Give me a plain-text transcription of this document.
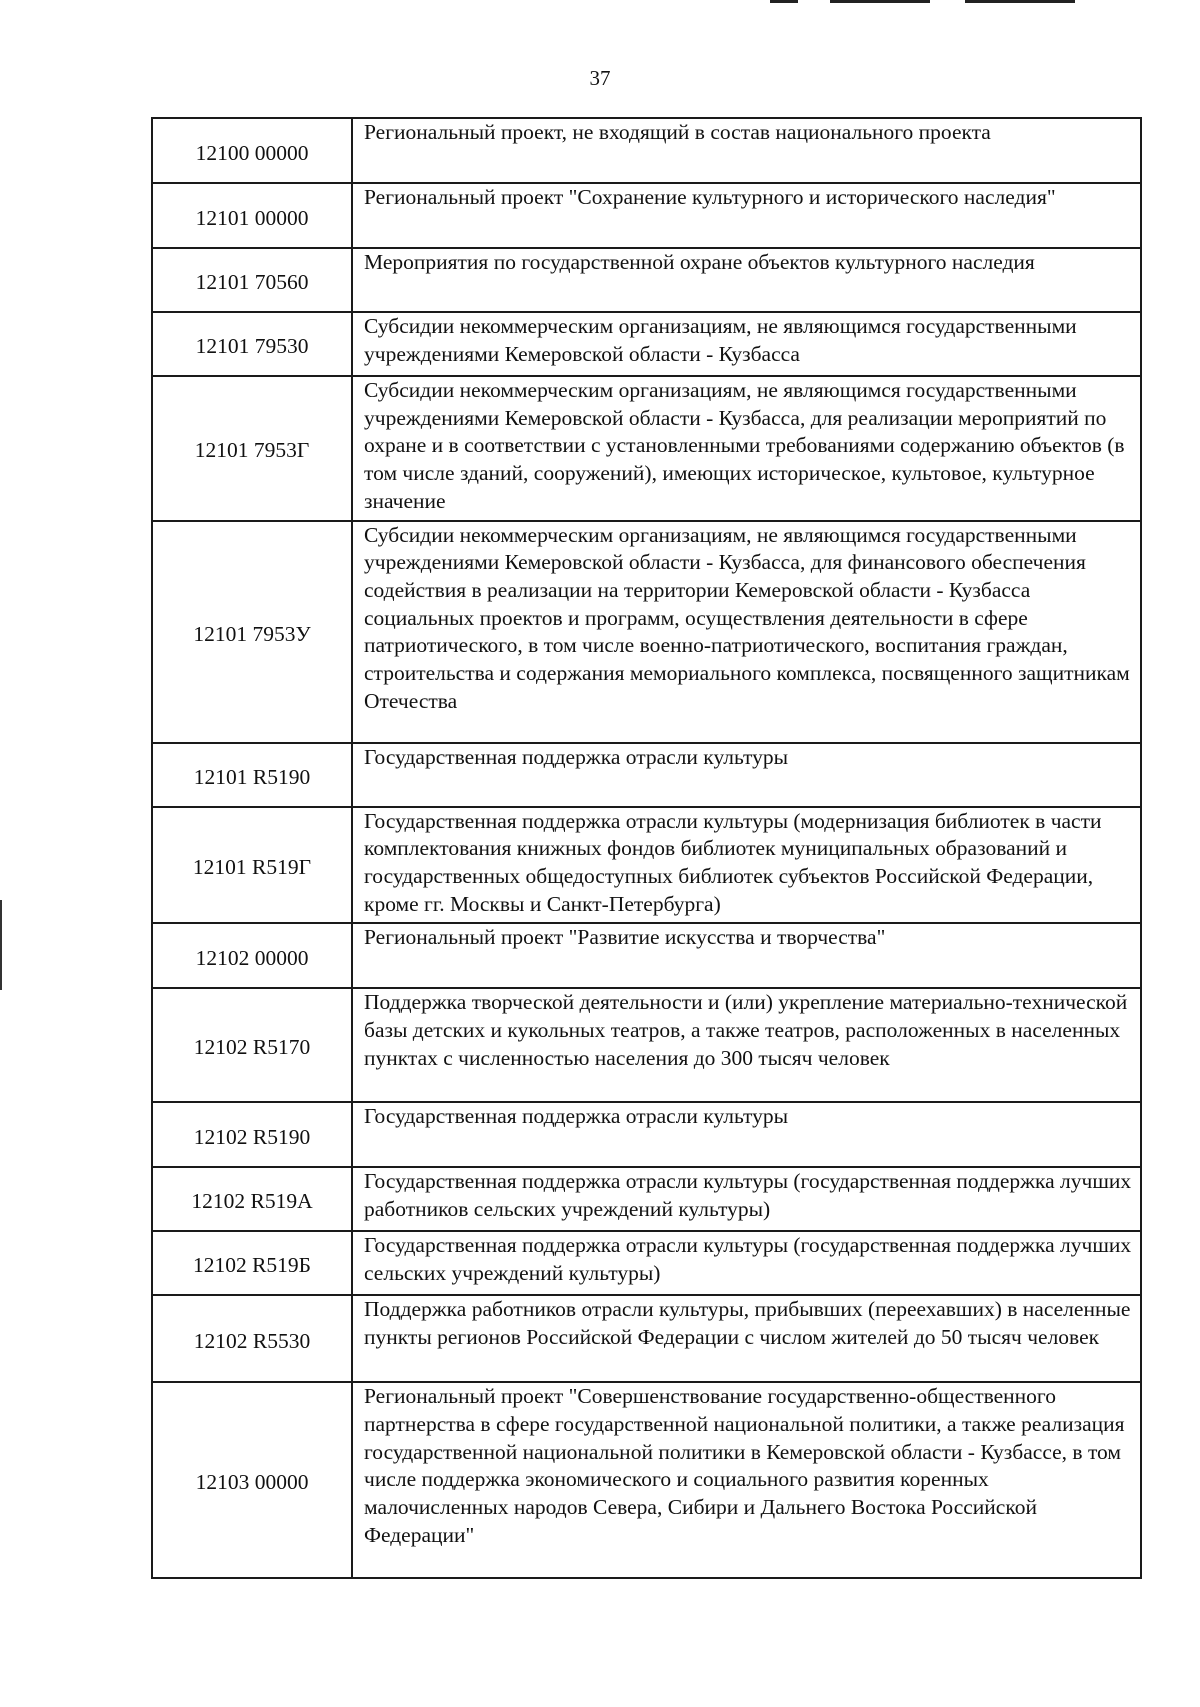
37
12100 00000	Региональный проект, не входящий в состав национального проекта
12101 00000	Региональный проект "Сохранение культурного и исторического наследия"
12101 70560	Мероприятия по государственной охране объектов культурного наследия
12101 79530	Субсидии некоммерческим организациям, не являющимся государственными учреждениями Кемеровской области - Кузбасса
12101 7953Г	Субсидии некоммерческим организациям, не являющимся государственными учреждениями Кемеровской области - Кузбасса, для реализации мероприятий по охране и в соответствии с установленными требованиями содержанию объектов (в том числе зданий, сооружений), имеющих историческое, культовое, культурное значение
12101 7953У	Субсидии некоммерческим организациям, не являющимся государственными учреждениями Кемеровской области - Кузбасса, для финансового обеспечения содействия в реализации на территории Кемеровской области - Кузбасса социальных проектов и программ, осуществления деятельности в сфере патриотического, в том числе военно-патриотического, воспитания граждан, строительства и содержания мемориального комплекса, посвященного защитникам Отечества
12101 R5190	Государственная поддержка отрасли культуры
12101 R519Г	Государственная поддержка отрасли культуры (модернизация библиотек в части комплектования книжных фондов библиотек муниципальных образований и государственных общедоступных библиотек субъектов Российской Федерации, кроме гг. Москвы и Санкт-Петербурга)
12102 00000	Региональный проект "Развитие искусства и творчества"
12102 R5170	Поддержка творческой деятельности и (или) укрепление материально-технической базы детских и кукольных театров, а также театров, расположенных в населенных пунктах с численностью населения до 300 тысяч человек
12102 R5190	Государственная поддержка отрасли культуры
12102 R519А	Государственная поддержка отрасли культуры (государственная поддержка лучших работников сельских учреждений культуры)
12102 R519Б	Государственная поддержка отрасли культуры (государственная поддержка лучших сельских учреждений культуры)
12102 R5530	Поддержка работников отрасли культуры, прибывших (переехавших) в населенные пункты регионов Российской Федерации с числом жителей до 50 тысяч человек
12103 00000	Региональный проект "Совершенствование государственно-общественного партнерства в сфере государственной национальной политики, а также реализация государственной национальной политики в Кемеровской области - Кузбассе, в том числе поддержка экономического и социального развития коренных малочисленных народов Севера, Сибири и Дальнего Востока Российской Федерации"
